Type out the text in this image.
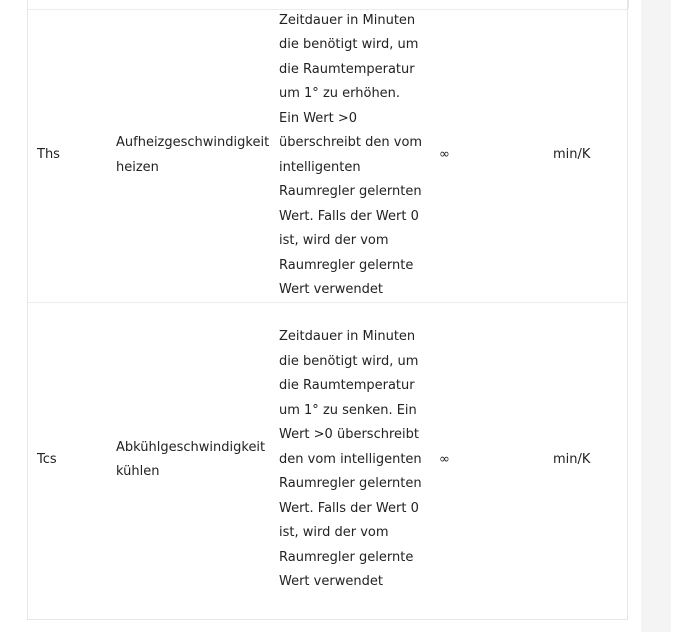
Ths
Aufheizgeschwindigkeit heizen
Zeitdauer in Minuten die benötigt wird, um die Raumtemperatur um 1° zu erhöhen. Ein Wert >0 überschreibt den vom intelligenten Raumregler gelernten Wert. Falls der Wert 0 ist, wird der vom Raumregler gelernte Wert verwendet
∞	min/K
Tcs
Abkühlgeschwindigkeit kühlen
Zeitdauer in Minuten die benötigt wird, um die Raumtemperatur um 1° zu senken. Ein Wert >0 überschreibt den vom intelligenten Raumregler gelernten Wert. Falls der Wert 0 ist, wird der vom Raumregler gelernte Wert verwendet
∞	min/K
